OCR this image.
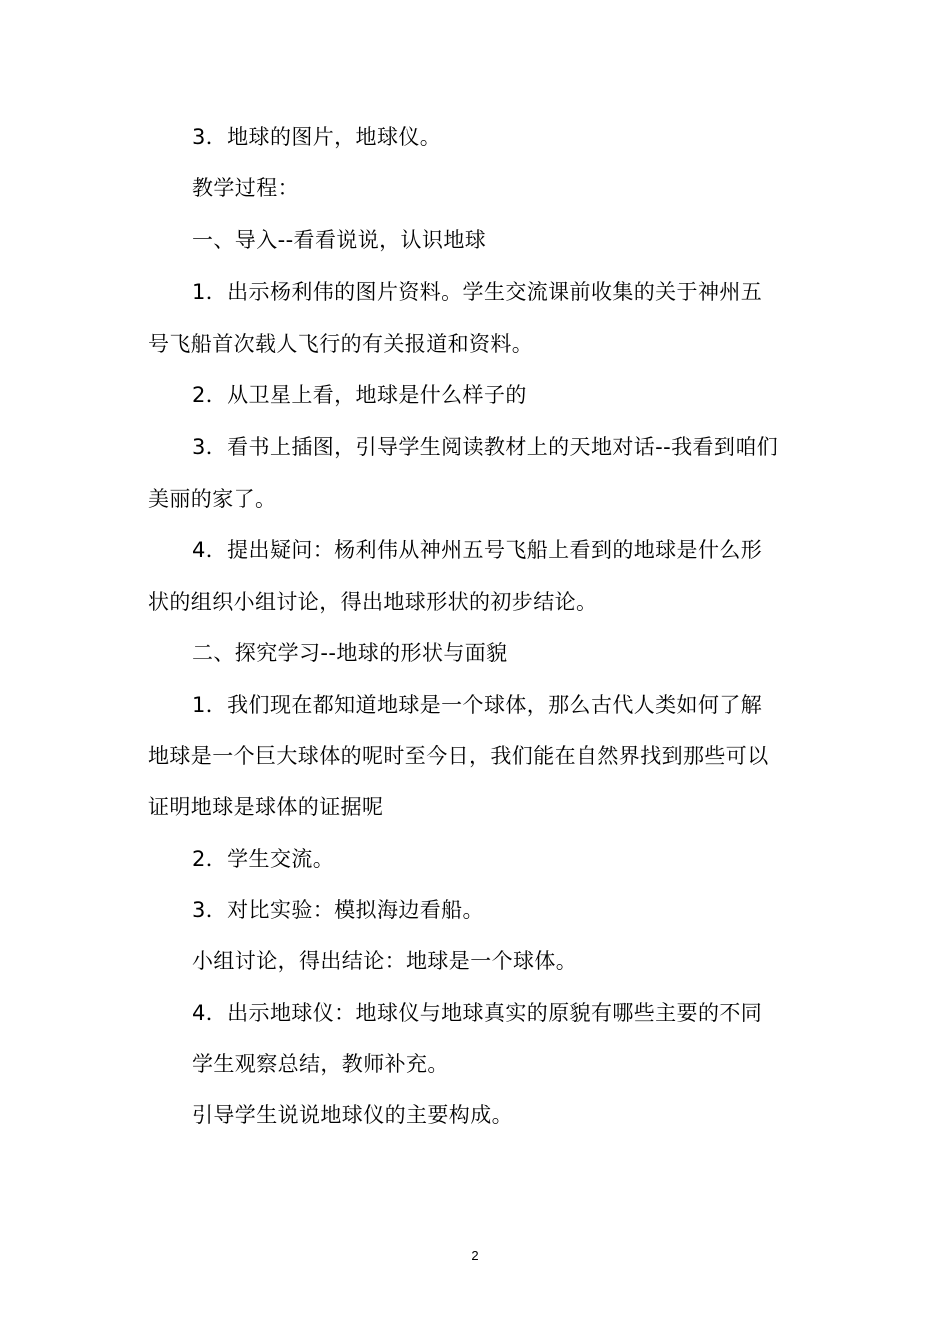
3．地球的图片，地球仪。
教学过程：
一、导入--看看说说，认识地球
1．出示杨利伟的图片资料。学生交流课前收集的关于神州五
号飞船首次载人飞行的有关报道和资料。
2．从卫星上看，地球是什么样子的
3．看书上插图，引导学生阅读教材上的天地对话--我看到咱们
美丽的家了。
4．提出疑问：杨利伟从神州五号飞船上看到的地球是什么形
状的组织小组讨论，得出地球形状的初步结论。
二、探究学习--地球的形状与面貌
1．我们现在都知道地球是一个球体，那么古代人类如何了解
地球是一个巨大球体的呢时至今日，我们能在自然界找到那些可以
证明地球是球体的证据呢
2．学生交流。
3．对比实验：模拟海边看船。
小组讨论，得出结论：地球是一个球体。
4．出示地球仪：地球仪与地球真实的原貌有哪些主要的不同
学生观察总结，教师补充。
引导学生说说地球仪的主要构成。
2
